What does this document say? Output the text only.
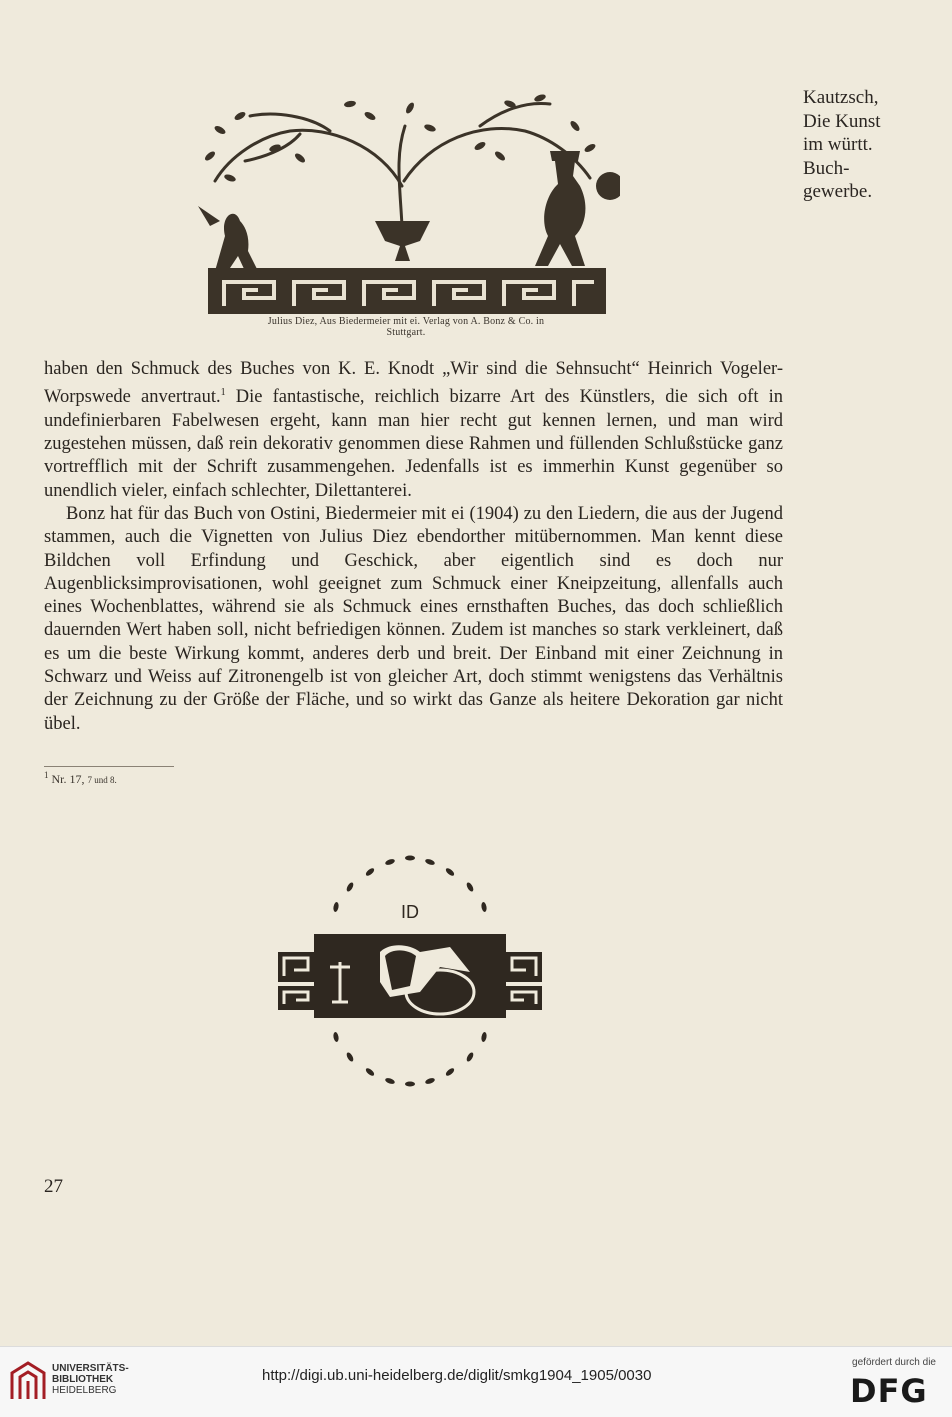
Julius Diez, Aus Biedermeier mit ei. Verlag von A. Bonz & Co. in
Stuttgart.
Kautzsch,
Die Kunst
im württ.
Buch-
gewerbe.

haben den Schmuck des Buches von K. E. Knodt „Wir sind die Sehnsucht“ Heinrich Vogeler-Worpswede anvertraut.$^1$ Die fantastische, reichlich bizarre Art des Künstlers, die sich oft in undefinierbaren Fabelwesen ergeht, kann man hier recht gut kennen lernen, und man wird zugestehen müssen, daß rein dekorativ genommen diese Rahmen und füllenden Schlußstücke ganz vortrefflich mit der Schrift zusammengehen. Jedenfalls ist es immerhin Kunst gegenüber so unendlich vieler, einfach schlechter, Dilettanterei.

Bonz hat für das Buch von Ostini, Biedermeier mit ei (1904) zu den Liedern, die aus der Jugend stammen, auch die Vignetten von Julius Diez ebendorther mitübernommen. Man kennt diese Bildchen voll Erfindung und Geschick, aber eigentlich sind es doch nur Augenblicksimprovisationen, wohl geeignet zum Schmuck einer Kneipzeitung, allenfalls auch eines Wochenblattes, während sie als Schmuck eines ernsthaften Buches, das doch schließlich dauernden Wert haben soll, nicht befriedigen können. Zudem ist manches so stark verkleinert, daß es um die beste Wirkung kommt, anderes derb und breit. Der Einband mit einer Zeichnung in Schwarz und Weiss auf Zitronengelb ist von gleicher Art, doch stimmt wenigstens das Verhältnis der Zeichnung zu der Größe der Fläche, und so wirkt das Ganze als heitere Dekoration gar nicht übel.

$^1$ Nr. 17, 7 und 8.
ID
27
UNIVERSITÄTS-
BIBLIOTHEK
HEIDELBERG
http://digi.ub.uni-heidelberg.de/diglit/smkg1904_1905/0030
gefördert durch die
DFG
